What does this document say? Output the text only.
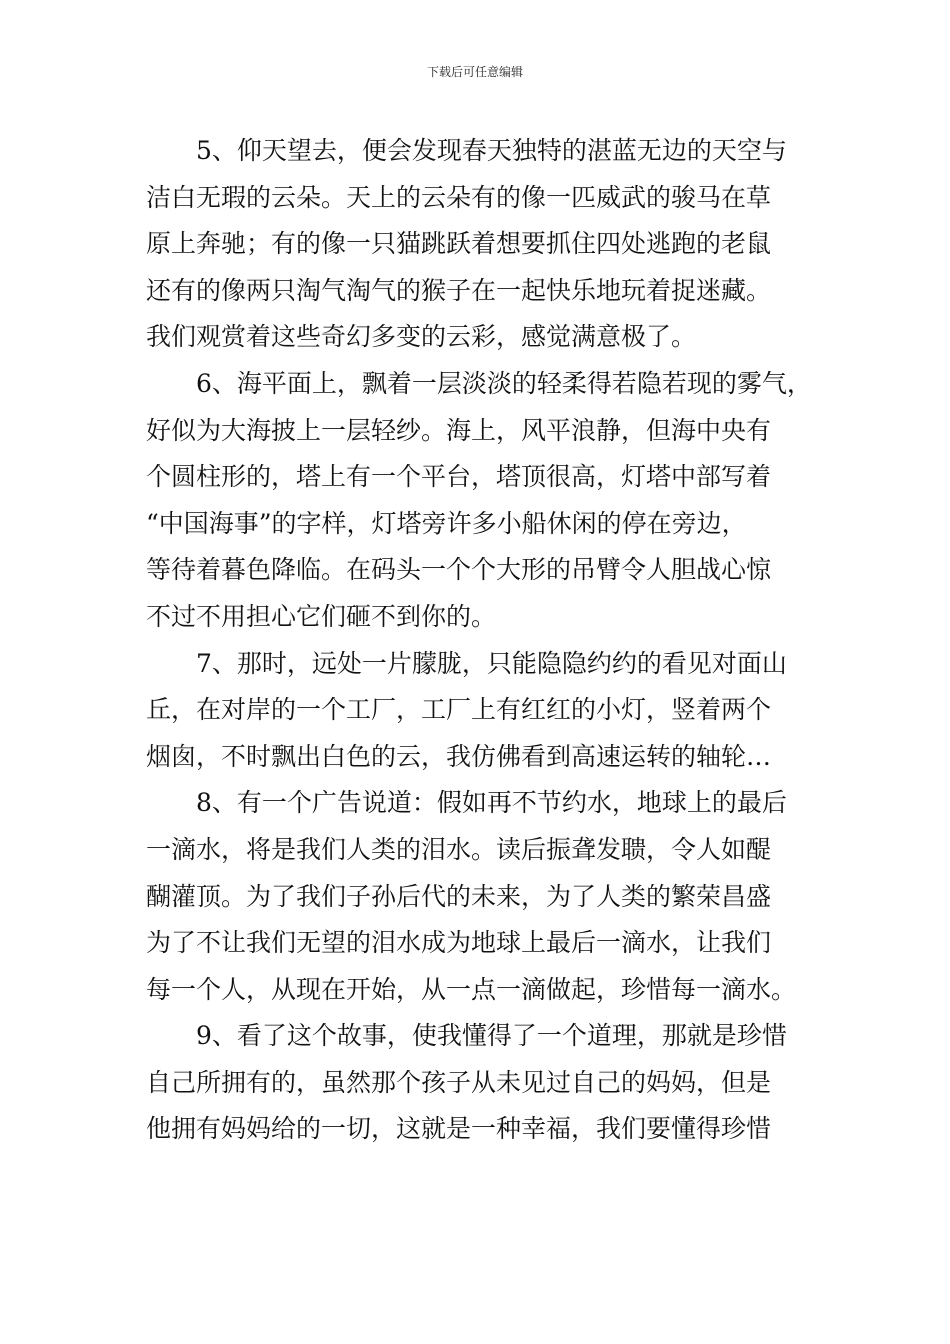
下载后可任意编辑
5、仰天望去，便会发现春天独特的湛蓝无边的天空与
洁白无瑕的云朵。天上的云朵有的像一匹威武的骏马在草
原上奔驰；有的像一只猫跳跃着想要抓住四处逃跑的老鼠
还有的像两只淘气淘气的猴子在一起快乐地玩着捉迷藏。
我们观赏着这些奇幻多变的云彩，感觉满意极了。
6、海平面上，飘着一层淡淡的轻柔得若隐若现的雾气，
好似为大海披上一层轻纱。海上，风平浪静，但海中央有
个圆柱形的，塔上有一个平台，塔顶很高，灯塔中部写着
“中国海事”的字样，灯塔旁许多小船休闲的停在旁边，
等待着暮色降临。在码头一个个大形的吊臂令人胆战心惊
不过不用担心它们砸不到你的。
7、那时，远处一片朦胧，只能隐隐约约的看见对面山
丘，在对岸的一个工厂，工厂上有红红的小灯，竖着两个
烟囱，不时飘出白色的云，我仿佛看到高速运转的轴轮…
8、有一个广告说道：假如再不节约水，地球上的最后
一滴水，将是我们人类的泪水。读后振聋发聩，令人如醍
醐灌顶。为了我们子孙后代的未来，为了人类的繁荣昌盛
为了不让我们无望的泪水成为地球上最后一滴水，让我们
每一个人，从现在开始，从一点一滴做起，珍惜每一滴水。
9、看了这个故事，使我懂得了一个道理，那就是珍惜
自己所拥有的，虽然那个孩子从未见过自己的妈妈，但是
他拥有妈妈给的一切，这就是一种幸福，我们要懂得珍惜
